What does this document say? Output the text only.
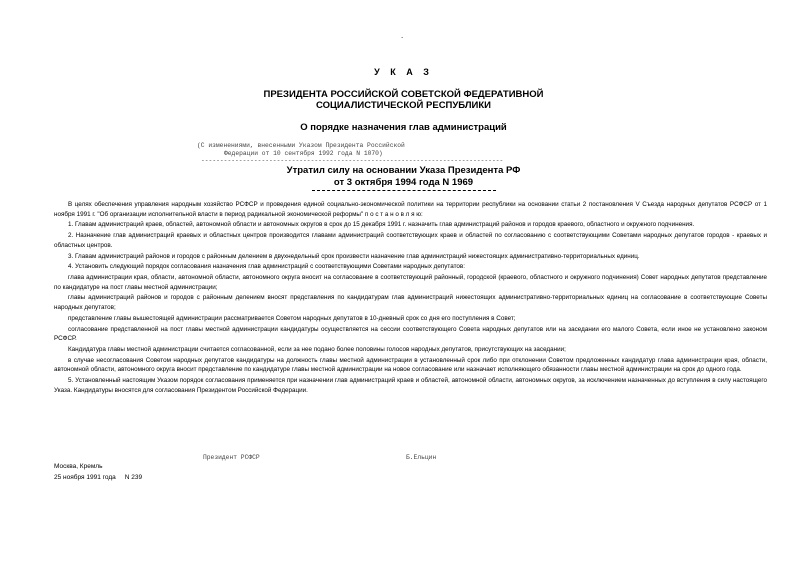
.
У К А З
ПРЕЗИДЕНТА РОССИЙСКОЙ СОВЕТСКОЙ ФЕДЕРАТИВНОЙ
СОЦИАЛИСТИЧЕСКОЙ РЕСПУБЛИКИ
О порядке назначения глав администраций
(С изменениями, внесенными Указом Президента Российской
Федерации от 10 сентября 1992 года N 1070)
--------------------------------------------------------------------------------
Утратил силу на основании Указа Президента РФ
от 3 октября 1994 года N 1969

В целях обеспечения управления народным хозяйство РСФСР и проведения единой социально-экономической политики на территории республики на основании статьи 2 постановления V Съезда народных депутатов РСФСР от 1 ноября 1991 г. "Об организации исполнительной власти в период радикальной экономической реформы" п о с т а н о в л я ю:

1. Главам администраций краев, областей, автономной области и автономных округов в срок до 15 декабря 1991 г. назначить глав администраций районов и городов краевого, областного и окружного подчинения.

2. Назначение глав администраций краевых и областных центров производится главами администраций соответствующих краев и областей по согласованию с соответствующими Советами народных депутатов городов - краевых и областных центров.

3. Главам администраций районов и городов с районным делением в двухнедельный срок произвести назначение глав администраций нижестоящих административно-территориальных единиц.

4. Установить следующий порядок согласования назначения глав администраций с соответствующими Советами народных депутатов:

глава администрации края, области, автономной области, автономного округа вносит на согласование в соответствующий районный, городской (краевого, областного и окружного подчинения) Совет народных депутатов представление по кандидатуре на пост главы местной администрации;

главы администраций районов и городов с районным делением вносят представления по кандидатурам глав администраций нижестоящих административно-территориальных единиц на согласование в соответствующие Советы народных депутатов;

представление главы вышестоящей администрации рассматривается Советом народных депутатов в 10-дневный срок со дня его поступления в Совет;

согласование представленной на пост главы местной администрации кандидатуры осуществляется на сессии соответствующего Совета народных депутатов или на заседании его малого Совета, если иное не установлено законом РСФСР.

Кандидатура главы местной администрации считается согласованной, если за нее подано более половины голосов народных депутатов, присутствующих на заседании;

в случае несогласования Советом народных депутатов кандидатуры на должность главы местной администрации в установленный срок либо при отклонении Советом предложенных кандидатур глава администрации края, области, автономной области, автономного округа вносит представление по кандидатуре главы местной администрации на новое согласование или назначает исполняющего обязанности главы местной администрации на срок до одного года.

5. Установленный настоящим Указом порядок согласования применяется при назначении глав администраций краев и областей, автономной области, автономных округов, за исключением назначенных до вступления в силу настоящего Указа. Кандидатуры вносятся для согласования Президентом Российской Федерации.

Президент РСФСР	Б.Ельцин
Москва, Кремль
25 ноября 1991 года     N 239
